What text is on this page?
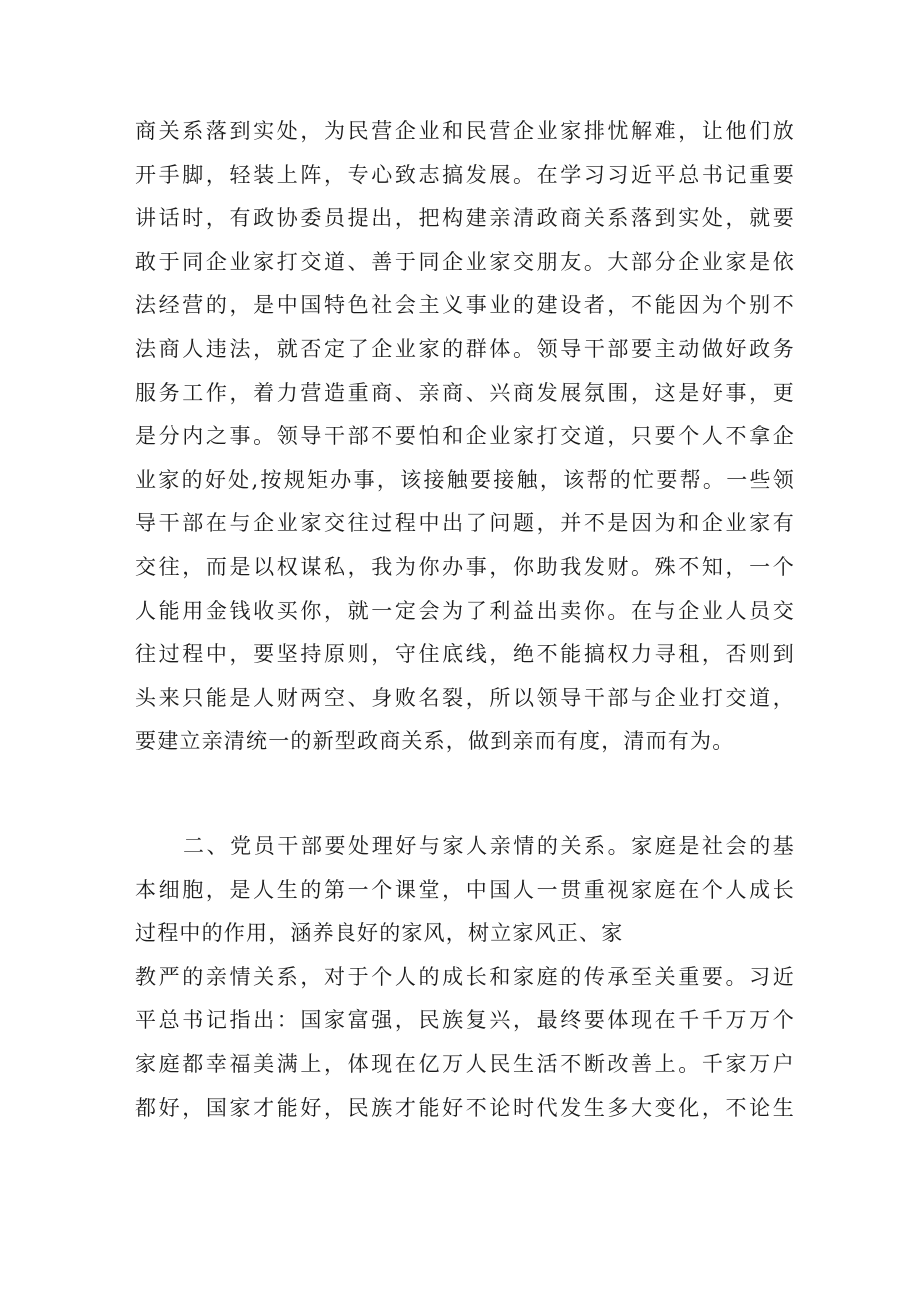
商关系落到实处，为民营企业和民营企业家排忧解难，让他们放
开手脚，轻装上阵，专心致志搞发展。在学习习近平总书记重要
讲话时，有政协委员提出，把构建亲清政商关系落到实处，就要
敢于同企业家打交道、善于同企业家交朋友。大部分企业家是依
法经营的，是中国特色社会主义事业的建设者，不能因为个别不
法商人违法，就否定了企业家的群体。领导干部要主动做好政务
服务工作，着力营造重商、亲商、兴商发展氛围，这是好事，更
是分内之事。领导干部不要怕和企业家打交道，只要个人不拿企
业家的好处,按规矩办事，该接触要接触，该帮的忙要帮。一些领
导干部在与企业家交往过程中出了问题，并不是因为和企业家有
交往，而是以权谋私，我为你办事，你助我发财。殊不知，一个
人能用金钱收买你，就一定会为了利益出卖你。在与企业人员交
往过程中，要坚持原则，守住底线，绝不能搞权力寻租，否则到
头来只能是人财两空、身败名裂，所以领导干部与企业打交道，
要建立亲清统一的新型政商关系，做到亲而有度，清而有为。
二、党员干部要处理好与家人亲情的关系。家庭是社会的基
本细胞，是人生的第一个课堂，中国人一贯重视家庭在个人成长
过程中的作用，涵养良好的家风，树立家风正、家
教严的亲情关系，对于个人的成长和家庭的传承至关重要。习近
平总书记指出：国家富强，民族复兴，最终要体现在千千万万个
家庭都幸福美满上，体现在亿万人民生活不断改善上。千家万户
都好，国家才能好，民族才能好不论时代发生多大变化，不论生
